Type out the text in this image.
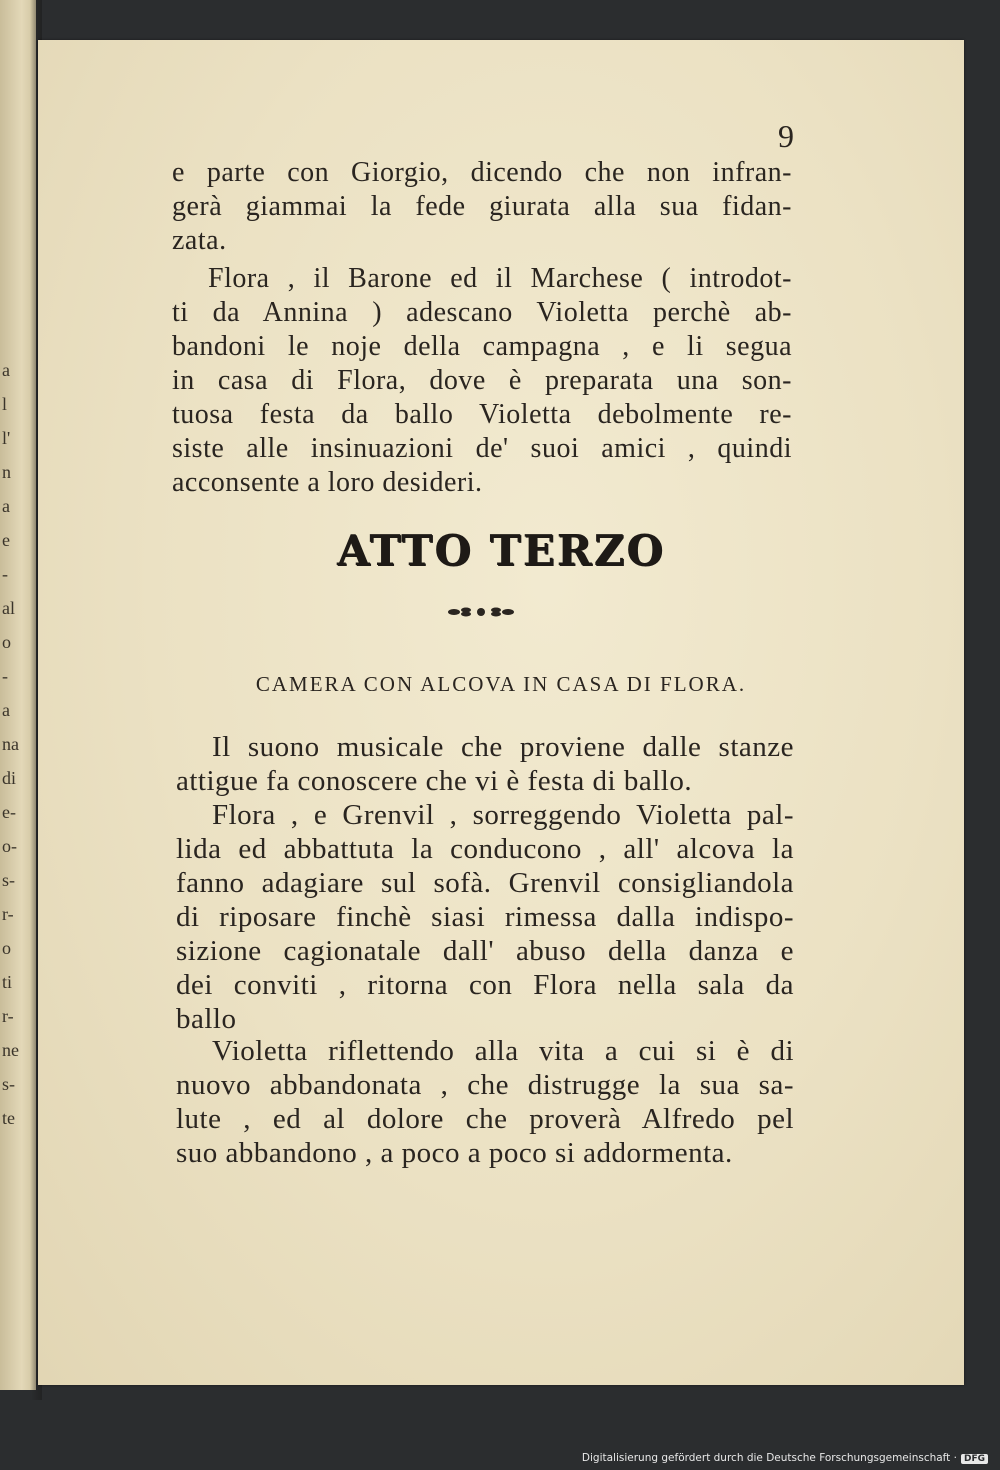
a
l
l'
n
a
e
-
al
o
-
a
na
di
e-
o-
s-
r-
o
ti
r-
ne
s-
te
9
e parte con Giorgio, dicendo che non infran-
gerà giammai la fede giurata alla sua fidan-
zata.
Flora , il Barone ed il Marchese ( introdot-
ti da Annina ) adescano Violetta perchè ab-
bandoni le noje della campagna , e li segua
in casa di Flora, dove è preparata una son-
tuosa festa da ballo Violetta debolmente re-
siste alle insinuazioni de' suoi amici , quindi
acconsente a loro desideri.
ATTO TERZO
CAMERA CON ALCOVA IN CASA DI FLORA.
Il suono musicale che proviene dalle stanze
attigue fa conoscere che vi è festa di ballo.
Flora , e Grenvil , sorreggendo Violetta pal-
lida ed abbattuta la conducono , all' alcova la
fanno adagiare sul sofà. Grenvil consigliandola
di riposare finchè siasi rimessa dalla indispo-
sizione cagionatale dall' abuso della danza e
dei conviti , ritorna con Flora nella sala da
ballo
Violetta riflettendo alla vita a cui si è di
nuovo abbandonata , che distrugge la sua sa-
lute , ed al dolore che proverà Alfredo pel
suo abbandono , a poco a poco si addormenta.
Digitalisierung gefördert durch die Deutsche Forschungsgemeinschaft · DFG
